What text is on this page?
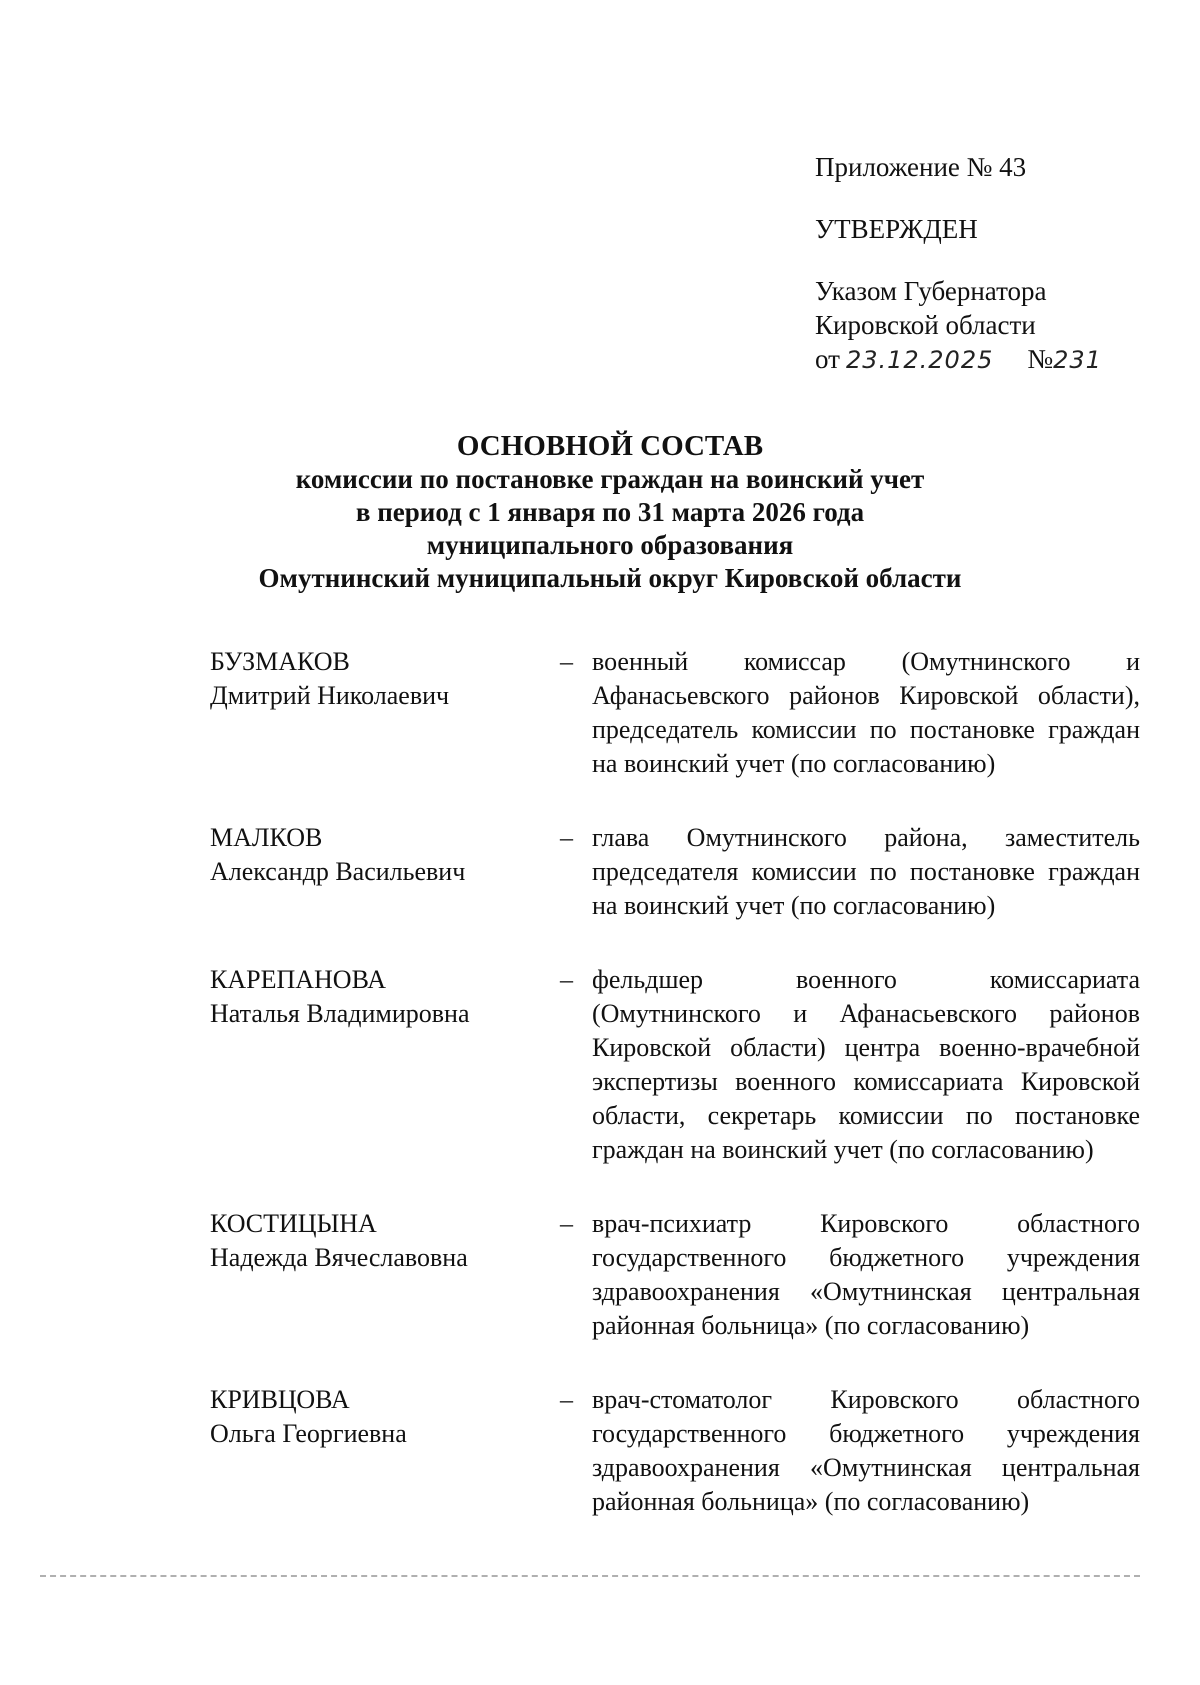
Приложение № 43
УТВЕРЖДЕН
Указом Губернатора
Кировской области
от 23.12.2025 №231
ОСНОВНОЙ СОСТАВ
комиссии по постановке граждан на воинский учет
в период с 1 января по 31 марта 2026 года
муниципального образования
Омутнинский муниципальный округ Кировской области
БУЗМАКОВ
Дмитрий Николаевич
– военный комиссар (Омутнинского и Афанасьевского районов Кировской области), председатель комиссии по постановке граждан на воинский учет (по согласованию)
МАЛКОВ
Александр Васильевич
– глава Омутнинского района, заместитель председателя комиссии по постановке граждан на воинский учет (по согласованию)
КАРЕПАНОВА
Наталья Владимировна
– фельдшер военного комиссариата (Омутнинского и Афанасьевского районов Кировской области) центра военно-врачебной экспертизы военного комиссариата Кировской области, секретарь комиссии по постановке граждан на воинский учет (по согласованию)
КОСТИЦЫНА
Надежда Вячеславовна
– врач-психиатр Кировского областного государственного бюджетного учреждения здравоохранения «Омутнинская центральная районная больница» (по согласованию)
КРИВЦОВА
Ольга Георгиевна
– врач-стоматолог Кировского областного государственного бюджетного учреждения здравоохранения «Омутнинская центральная районная больница» (по согласованию)
